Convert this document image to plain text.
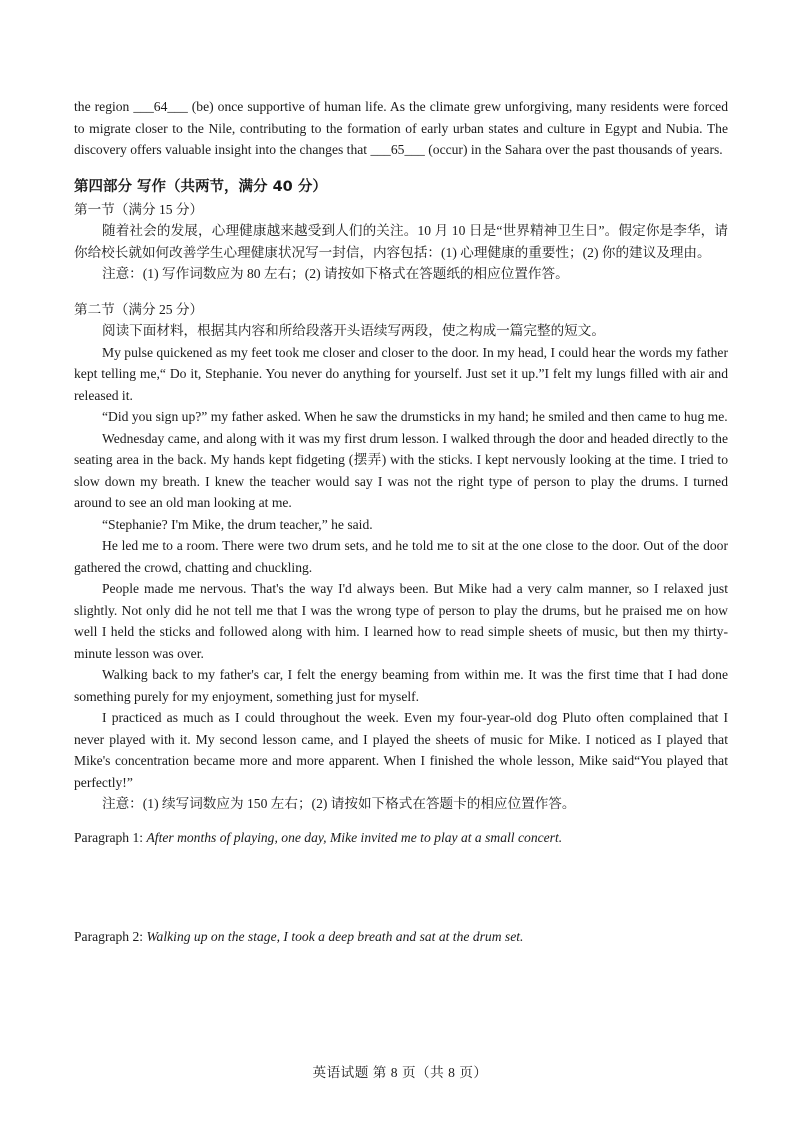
the region ___64___ (be) once supportive of human life. As the climate grew unforgiving, many residents were forced to migrate closer to the Nile, contributing to the formation of early urban states and culture in Egypt and Nubia. The discovery offers valuable insight into the changes that ___65___ (occur) in the Sahara over the past thousands of years.

第四部分 写作（共两节，满分 40 分）
第一节（满分 15 分）

随着社会的发展，心理健康越来越受到人们的关注。10 月 10 日是“世界精神卫生日”。假定你是李华，请你给校长就如何改善学生心理健康状况写一封信，内容包括：(1) 心理健康的重要性；(2) 你的建议及理由。

注意：(1) 写作词数应为 80 左右；(2) 请按如下格式在答题纸的相应位置作答。

第二节（满分 25 分）

阅读下面材料，根据其内容和所给段落开头语续写两段，使之构成一篇完整的短文。

My pulse quickened as my feet took me closer and closer to the door. In my head, I could hear the words my father kept telling me,“ Do it, Stephanie. You never do anything for yourself. Just set it up.”I felt my lungs filled with air and released it.

“Did you sign up?” my father asked. When he saw the drumsticks in my hand; he smiled and then came to hug me.

Wednesday came, and along with it was my first drum lesson. I walked through the door and headed directly to the seating area in the back. My hands kept fidgeting (摆弄) with the sticks. I kept nervously looking at the time. I tried to slow down my breath. I knew the teacher would say I was not the right type of person to play the drums. I turned around to see an old man looking at me.

“Stephanie? I'm Mike, the drum teacher,” he said.

He led me to a room. There were two drum sets, and he told me to sit at the one close to the door. Out of the door gathered the crowd, chatting and chuckling.

People made me nervous. That's the way I'd always been. But Mike had a very calm manner, so I relaxed just slightly. Not only did he not tell me that I was the wrong type of person to play the drums, but he praised me on how well I held the sticks and followed along with him. I learned how to read simple sheets of music, but then my thirty-minute lesson was over.

Walking back to my father's car, I felt the energy beaming from within me. It was the first time that I had done something purely for my enjoyment, something just for myself.

I practiced as much as I could throughout the week. Even my four-year-old dog Pluto often complained that I never played with it. My second lesson came, and I played the sheets of music for Mike. I noticed as I played that Mike's concentration became more and more apparent. When I finished the whole lesson, Mike said“You played that perfectly!”

注意：(1) 续写词数应为 150 左右；(2) 请按如下格式在答题卡的相应位置作答。

Paragraph 1: After months of playing, one day, Mike invited me to play at a small concert.

Paragraph 2: Walking up on the stage, I took a deep breath and sat at the drum set.

英语试题 第 8 页（共 8 页）
